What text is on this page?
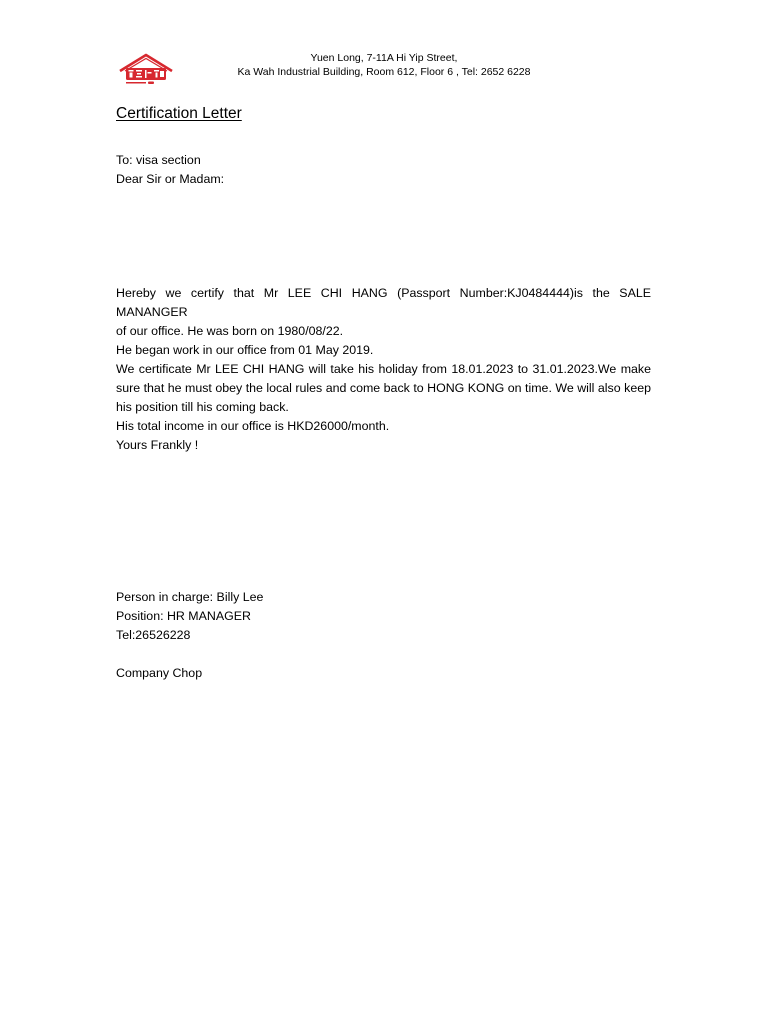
Yuen Long, 7-11A Hi Yip Street,
Ka Wah Industrial Building, Room 612, Floor 6 , Tel: 2652 6228
Certification Letter
To: visa section
Dear Sir or Madam:
Hereby we certify that Mr LEE CHI HANG (Passport Number:KJ0484444)is the SALE MANANGER
of our office. He was born on 1980/08/22.
He began work in our office from 01 May 2019.
We certificate Mr LEE CHI HANG will take his holiday from 18.01.2023 to 31.01.2023.We make
sure that he must obey the local rules and come back to HONG KONG on time. We will also keep
his position till his coming back.
His total income in our office is HKD26000/month.
Yours Frankly !
Person in charge: Billy Lee
Position: HR MANAGER
Tel:26526228
Company Chop
